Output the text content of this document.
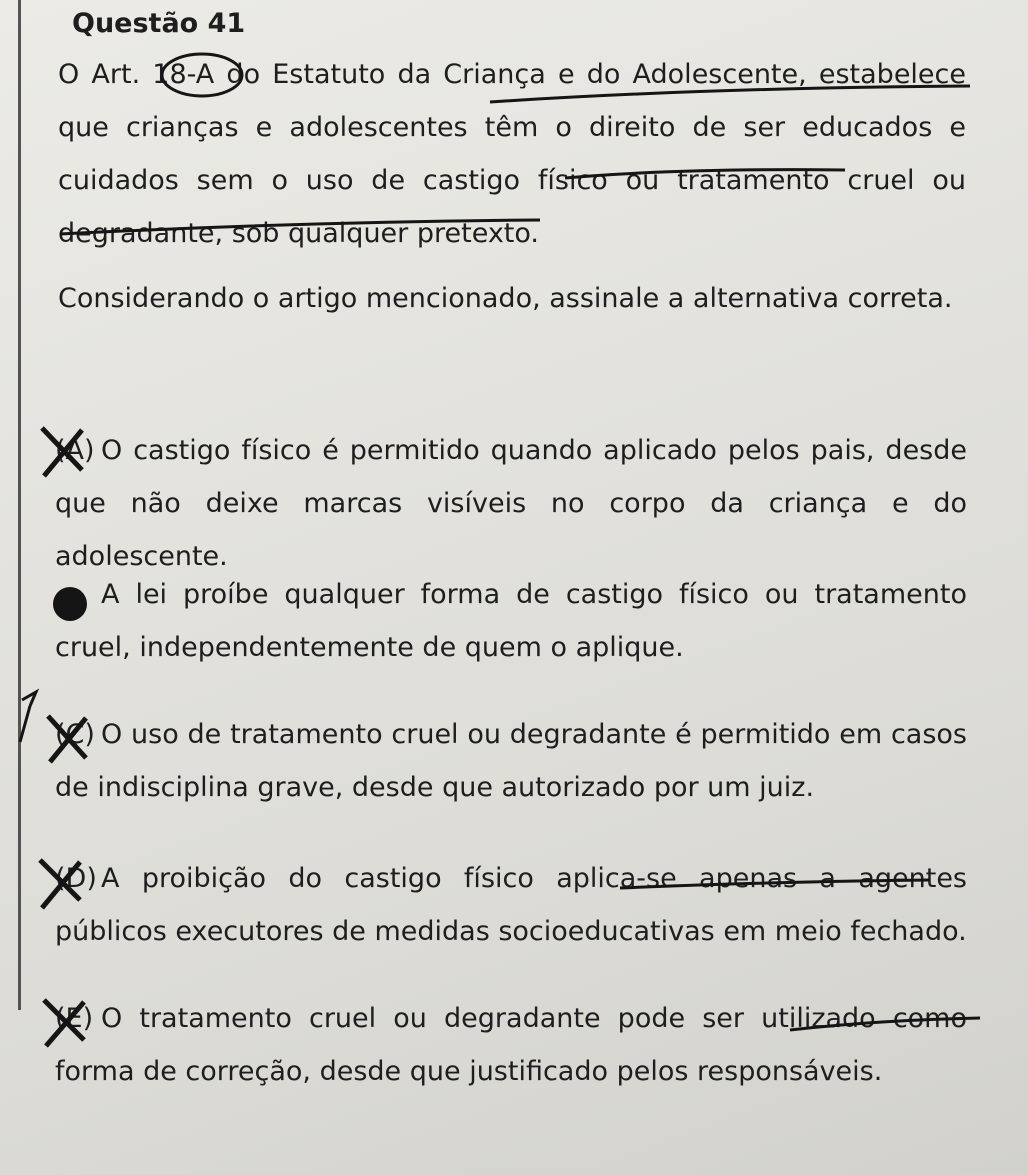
Questão 41

O Art. 18-A do Estatuto da Criança e do Adolescente, estabelece que crianças e adolescentes têm o direito de ser educados e cuidados sem o uso de castigo físico ou tratamento cruel ou degradante, sob qualquer pretexto.

Considerando o artigo mencionado, assinale a alternativa correta.

(A) O castigo físico é permitido quando aplicado pelos pais, desde que não deixe marcas visíveis no corpo da criança e do adolescente.
A lei proíbe qualquer forma de castigo físico ou tratamento cruel, independentemente de quem o aplique.
(C) O uso de tratamento cruel ou degradante é permitido em casos de indisciplina grave, desde que autorizado por um juiz.
(D) A proibição do castigo físico aplica-se apenas a agentes públicos executores de medidas socioeducativas em meio fechado.
(E) O tratamento cruel ou degradante pode ser utilizado como forma de correção, desde que justificado pelos responsáveis.
